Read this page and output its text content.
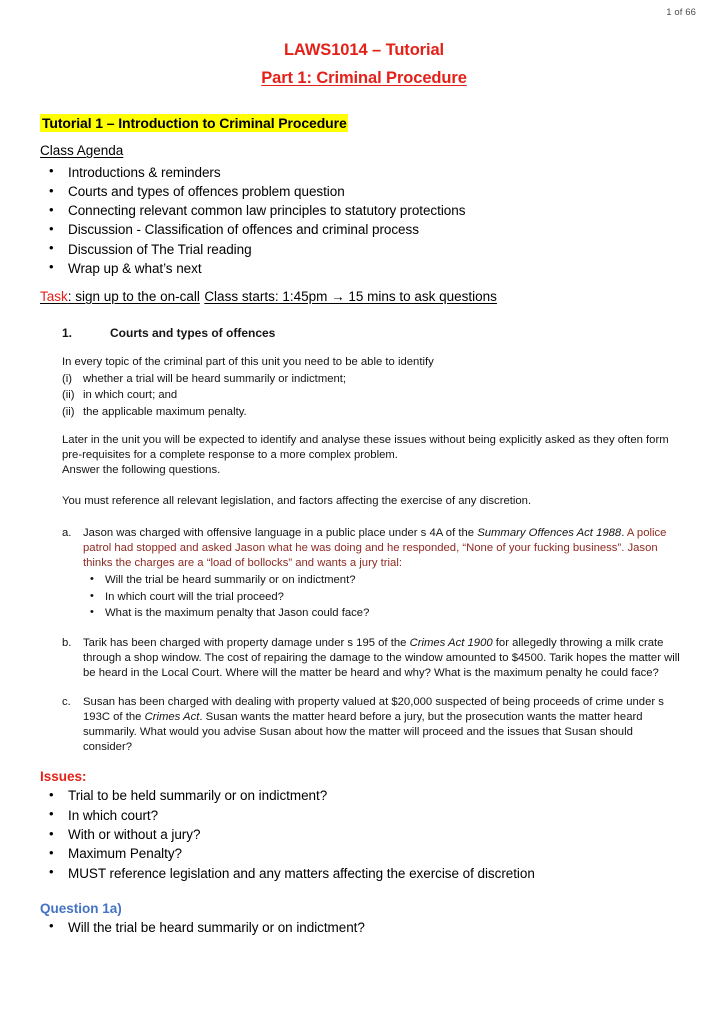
1 of 66
LAWS1014 – Tutorial
Part 1: Criminal Procedure
Tutorial 1 – Introduction to Criminal Procedure
Class Agenda
• Introductions & reminders
• Courts and types of offences problem question
• Connecting relevant common law principles to statutory protections
• Discussion - Classification of offences and criminal process
• Discussion of The Trial reading
• Wrap up & what’s next
Task: sign up to the on-call Class starts: 1:45pm → 15 mins to ask questions
1.	Courts and types of offences
In every topic of the criminal part of this unit you need to be able to identify
(i) whether a trial will be heard summarily or indictment;
(ii) in which court; and
(ii) the applicable maximum penalty.
Later in the unit you will be expected to identify and analyse these issues without being explicitly asked as they often form pre-requisites for a complete response to a more complex problem.
Answer the following questions.
You must reference all relevant legislation, and factors affecting the exercise of any discretion.
a.	Jason was charged with offensive language in a public place under s 4A of the Summary Offences Act 1988. A police patrol had stopped and asked Jason what he was doing and he responded, “None of your fucking business”. Jason thinks the charges are a “load of bollocks” and wants a jury trial:
• Will the trial be heard summarily or on indictment?
• In which court will the trial proceed?
• What is the maximum penalty that Jason could face?
b.	Tarik has been charged with property damage under s 195 of the Crimes Act 1900 for allegedly throwing a milk crate through a shop window. The cost of repairing the damage to the window amounted to $4500. Tarik hopes the matter will be heard in the Local Court. Where will the matter be heard and why? What is the maximum penalty he could face?
c.	Susan has been charged with dealing with property valued at $20,000 suspected of being proceeds of crime under s 193C of the Crimes Act. Susan wants the matter heard before a jury, but the prosecution wants the matter heard summarily. What would you advise Susan about how the matter will proceed and the issues that Susan should consider?
Issues:
• Trial to be held summarily or on indictment?
• In which court?
• With or without a jury?
• Maximum Penalty?
• MUST reference legislation and any matters affecting the exercise of discretion
Question 1a)
• Will the trial be heard summarily or on indictment?
